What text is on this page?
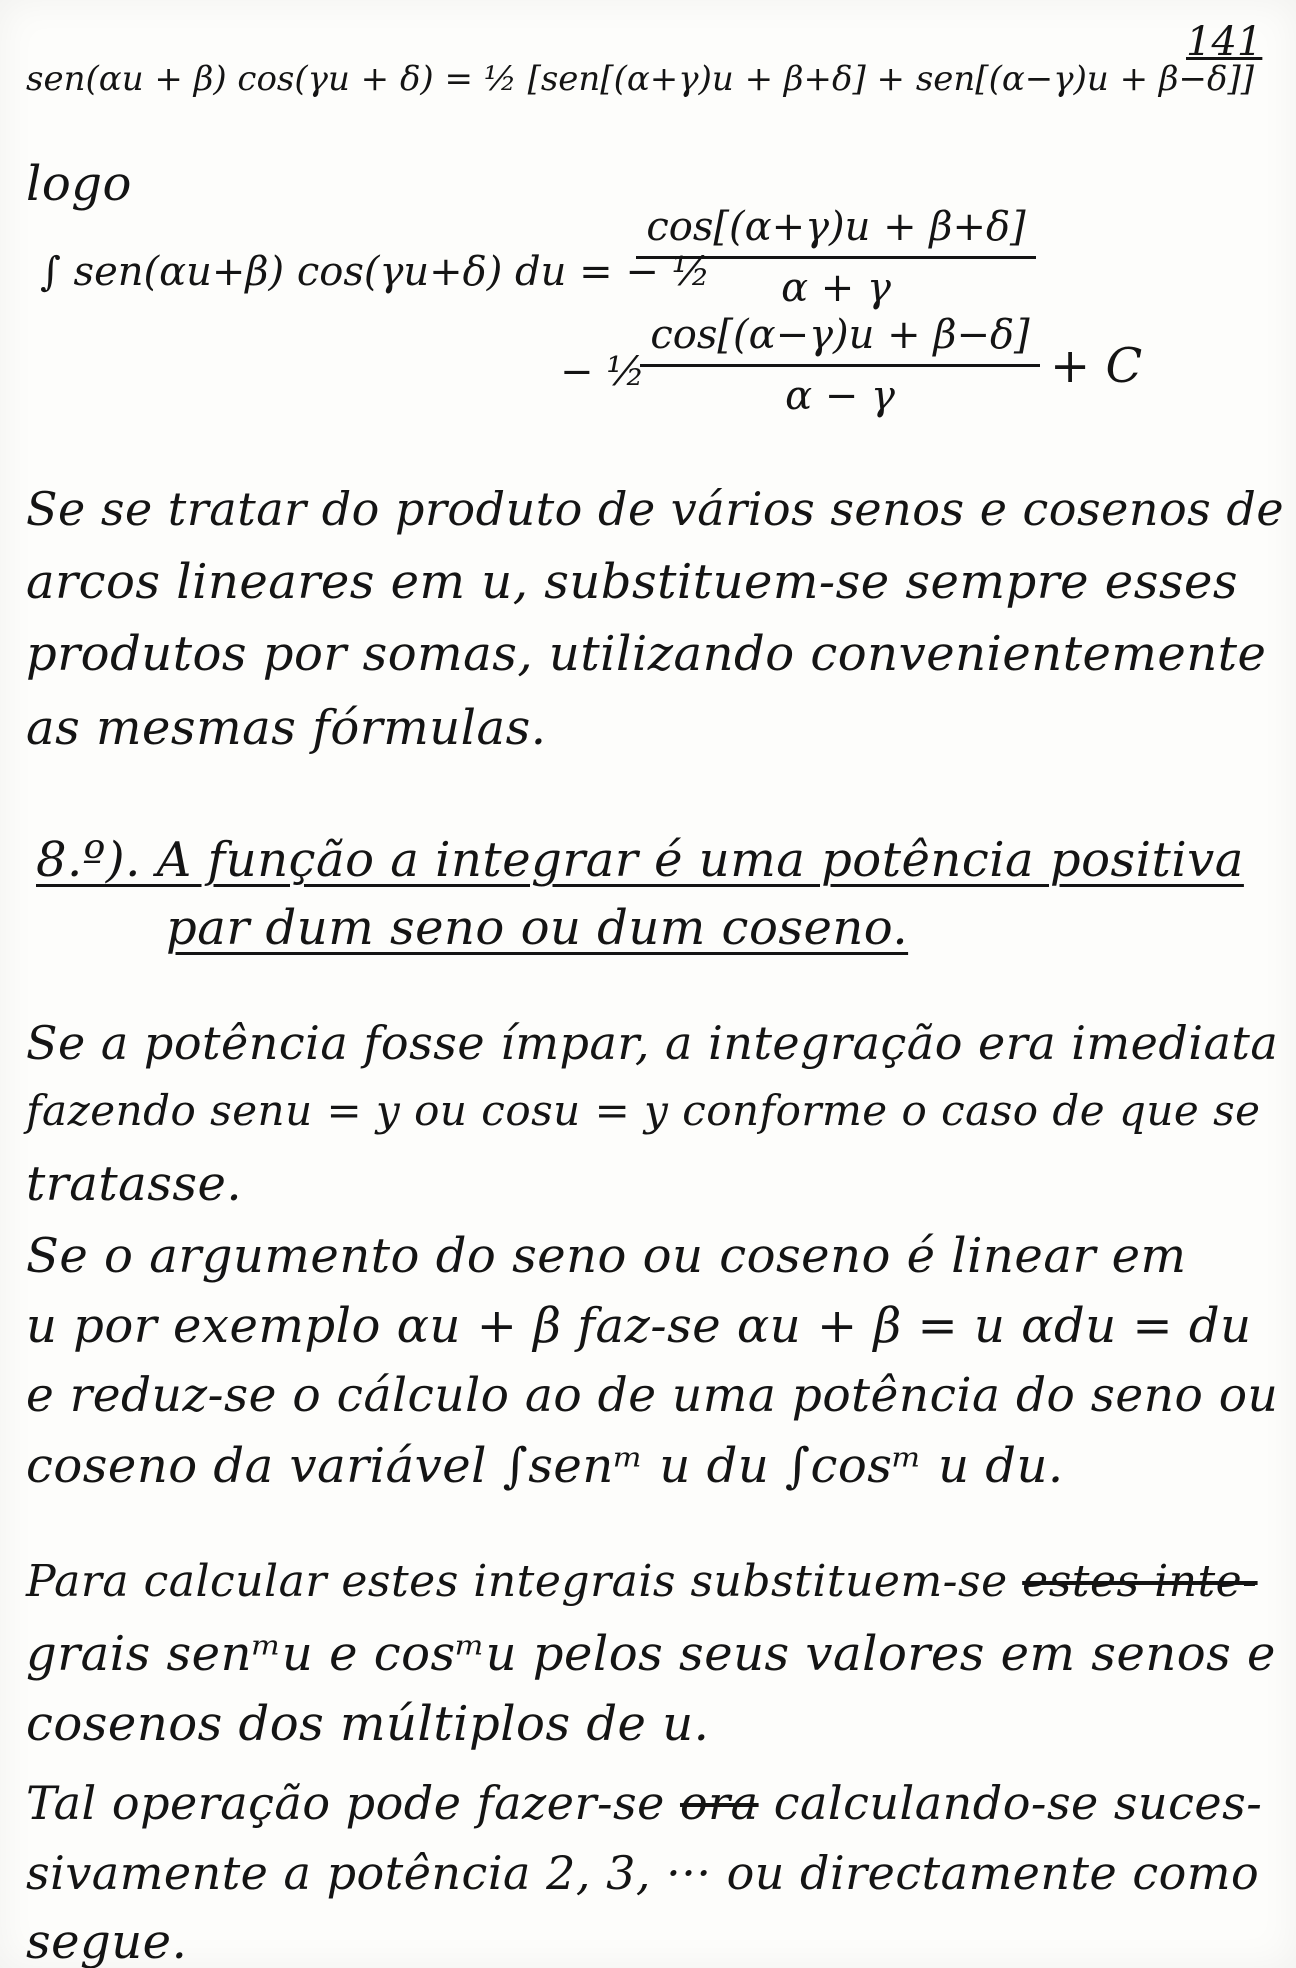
141
sen(αu + β) cos(γu + δ) = ½ [sen[(α+γ)u + β+δ] + sen[(α−γ)u + β−δ]]
logo
∫ sen(αu+β) cos(γu+δ) du = − ½
$\frac{\cos[(\alpha+\gamma)u + \beta+\delta]}{\alpha + \gamma}$
− ½
$\frac{\cos[(\alpha-\gamma)u + \beta-\delta]}{\alpha - \gamma} + C$
Se se tratar do produto de vários senos e cosenos de
arcos lineares em u, substituem-se sempre esses
produtos por somas, utilizando convenientemente
as mesmas fórmulas.
8.º). A função a integrar é uma potência positiva
par dum seno ou dum coseno.
Se a potência fosse ímpar, a integração era imediata
fazendo senu = y ou cosu = y conforme o caso de que se
tratasse.
Se o argumento do seno ou coseno é linear em
u por exemplo αu + β faz-se αu + β = u αdu = du
e reduz-se o cálculo ao de uma potência do seno ou
coseno da variável ∫senᵐ u du ∫cosᵐ u du.
Para calcular estes integrais substituem-se estes inte-
grais senᵐu e cosᵐu pelos seus valores em senos e
cosenos dos múltiplos de u.
Tal operação pode fazer-se ora calculando-se suces-
sivamente a potência 2, 3, ··· ou directamente como
segue.
